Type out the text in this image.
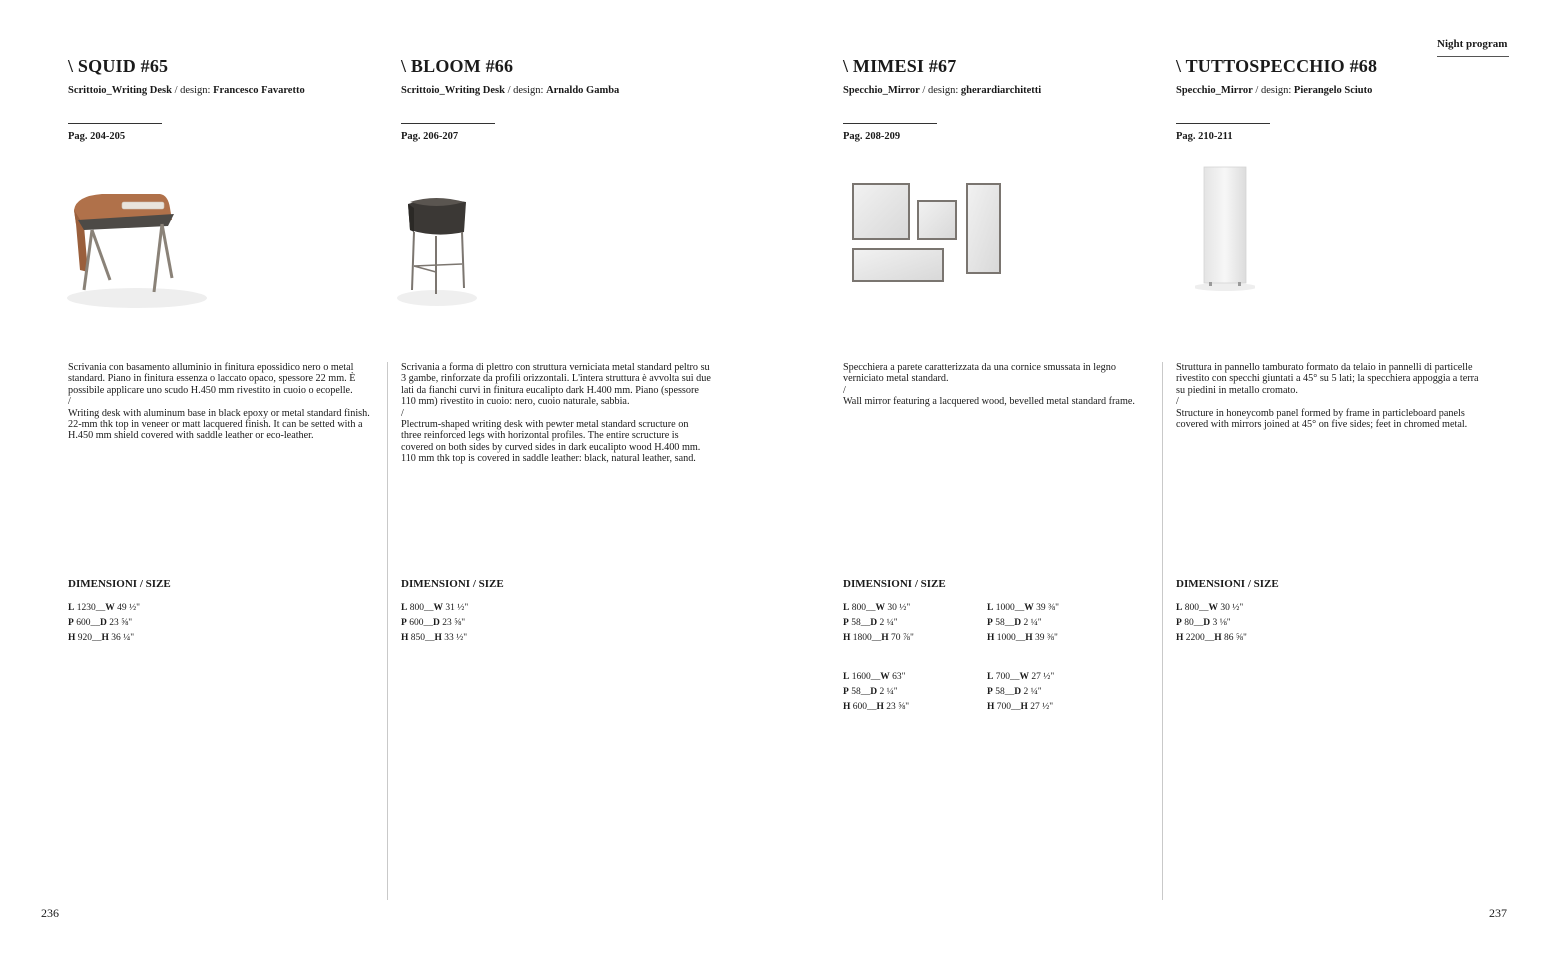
Night program
\ SQUID #65
Scrittoio_Writing Desk / design: Francesco Favaretto
Pag. 204-205

Scrivania con basamento alluminio in finitura epossidico nero o metal standard. Piano in finitura essenza o laccato opaco, spessore 22 mm. È possibile applicare uno scudo H.450 mm rivestito in cuoio o ecopelle.

/

Writing desk with aluminum base in black epoxy or metal standard finish. 22-mm thk top in veneer or matt lacquered finish. It can be setted with a H.450 mm shield covered with saddle leather or eco-leather.

DIMENSIONI / SIZE
L 1230__W 49 ½"
P 600__D 23 ⅝"
H 920__H 36 ¼"
\ BLOOM #66
Scrittoio_Writing Desk / design: Arnaldo Gamba
Pag. 206-207

Scrivania a forma di plettro con struttura verniciata metal standard peltro su 3 gambe, rinforzate da profili orizzontali. L'intera struttura è avvolta sui due lati da fianchi curvi in finitura eucalipto dark H.400 mm. Piano (spessore 110 mm) rivestito in cuoio: nero, cuoio naturale, sabbia.

/

Plectrum-shaped writing desk with pewter metal standard scructure on three reinforced legs with horizontal profiles. The entire scructure is covered on both sides by curved sides in dark eucalipto wood H.400 mm. 110 mm thk top is covered in saddle leather: black, natural leather, sand.

DIMENSIONI / SIZE
L 800__W 31 ½"
P 600__D 23 ⅝"
H 850__H 33 ½"
\ MIMESI #67
Specchio_Mirror / design: gherardiarchitetti
Pag. 208-209

Specchiera a parete caratterizzata da una cornice smussata in legno verniciato metal standard.

/

Wall mirror featuring a lacquered wood, bevelled metal standard frame.

DIMENSIONI / SIZE
L 800__W 30 ½"
P 58__D 2 ¼"
H 1800__H 70 ⅞"
L 1000__W 39 ⅜"
P 58__D 2 ¼"
H 1000__H 39 ⅜"
L 1600__W 63"
P 58__D 2 ¼"
H 600__H 23 ⅝"
L 700__W 27 ½"
P 58__D 2 ¼"
H 700__H 27 ½"
\ TUTTOSPECCHIO #68
Specchio_Mirror / design: Pierangelo Sciuto
Pag. 210-211

Struttura in pannello tamburato formato da telaio in pannelli di particelle rivestito con specchi giuntati a 45° su 5 lati; la specchiera appoggia a terra su piedini in metallo cromato.

/

Structure in honeycomb panel formed by frame in particleboard panels covered with mirrors joined at 45° on five sides; feet in chromed metal.

DIMENSIONI / SIZE
L 800__W 30 ½"
P 80__D 3 ⅛"
H 2200__H 86 ⅝"
236	237
